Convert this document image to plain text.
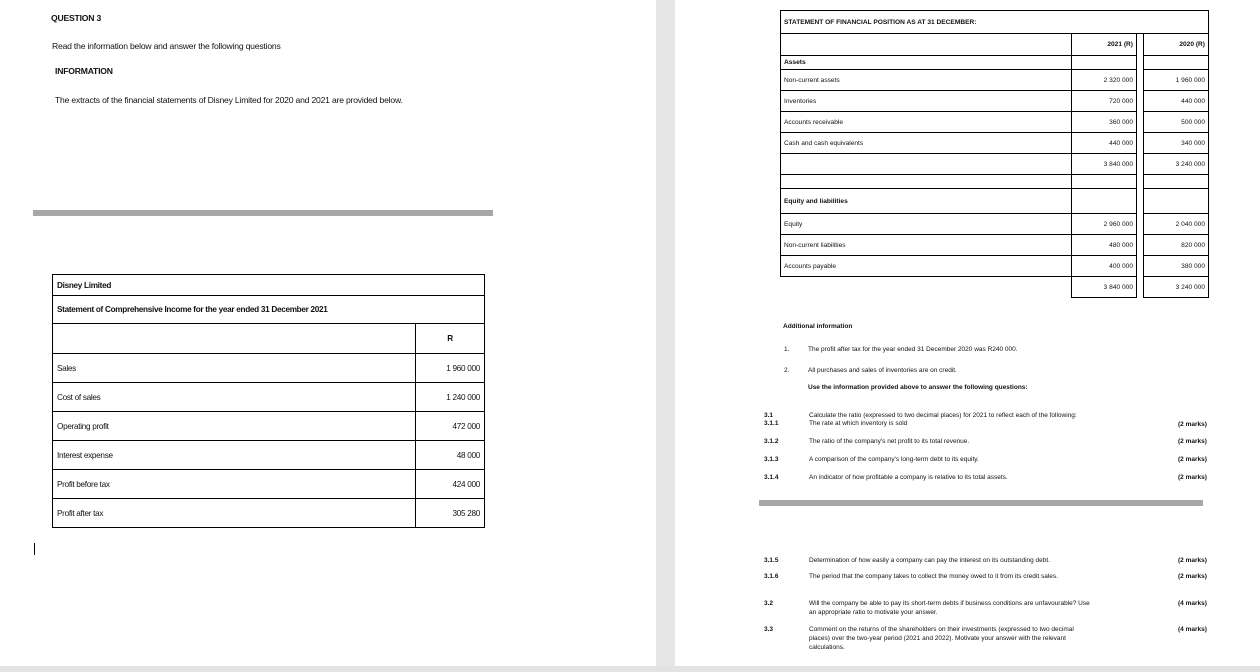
QUESTION 3
Read the information below and answer the following questions
INFORMATION
The extracts of the financial statements of Disney Limited for 2020 and 2021 are provided below.
Disney Limited	
Statement of Comprehensive Income for the year ended 31 December 2021	
	R
Sales	1 960 000
Cost of sales	1 240 000
Operating profit	472 000
Interest expense	48 000
Profit before tax	424 000
Profit after tax	305 280
STATEMENT OF FINANCIAL POSITION AS AT 31 DECEMBER:			
	2021 (R)		2020 (R)
Assets			
Non-current assets	2 320 000		1 960 000
Inventories	720 000		440 000
Accounts receivable	360 000		500 000
Cash and cash equivalents	440 000		340 000
	3 840 000		3 240 000

Equity and liabilities			
Equity	2 960 000		2 040 000
Non-current liabilities	480 000		820 000
Accounts payable	400 000		380 000
	3 840 000		3 240 000
Additional information
1.	The profit after tax for the year ended 31 December 2020 was R240 000.
2.	All purchases and sales of inventories are on credit.
Use the information provided above to answer the following questions:
3.1	Calculate the ratio (expressed to two decimal places) for 2021 to reflect each of the following:
3.1.1	The rate at which inventory is sold	(2 marks)
3.1.2	The ratio of the company's net profit to its total revenue.	(2 marks)
3.1.3	A comparison of the company's long-term debt to its equity.	(2 marks)
3.1.4	An indicator of how profitable a company is relative to its total assets.	(2 marks)
3.1.5	Determination of how easily a company can pay the interest on its outstanding debt.	(2 marks)
3.1.6	The period that the company takes to collect the money owed to it from its credit sales.	(2 marks)
3.2	Will the company be able to pay its short-term debts if business conditions are unfavourable? Use
an appropriate ratio to motivate your answer.
(4 marks)
3.3	Comment on the returns of the shareholders on their investments (expressed to two decimal
places) over the two-year period (2021 and 2022). Motivate your answer with the relevant
calculations.
(4 marks)
